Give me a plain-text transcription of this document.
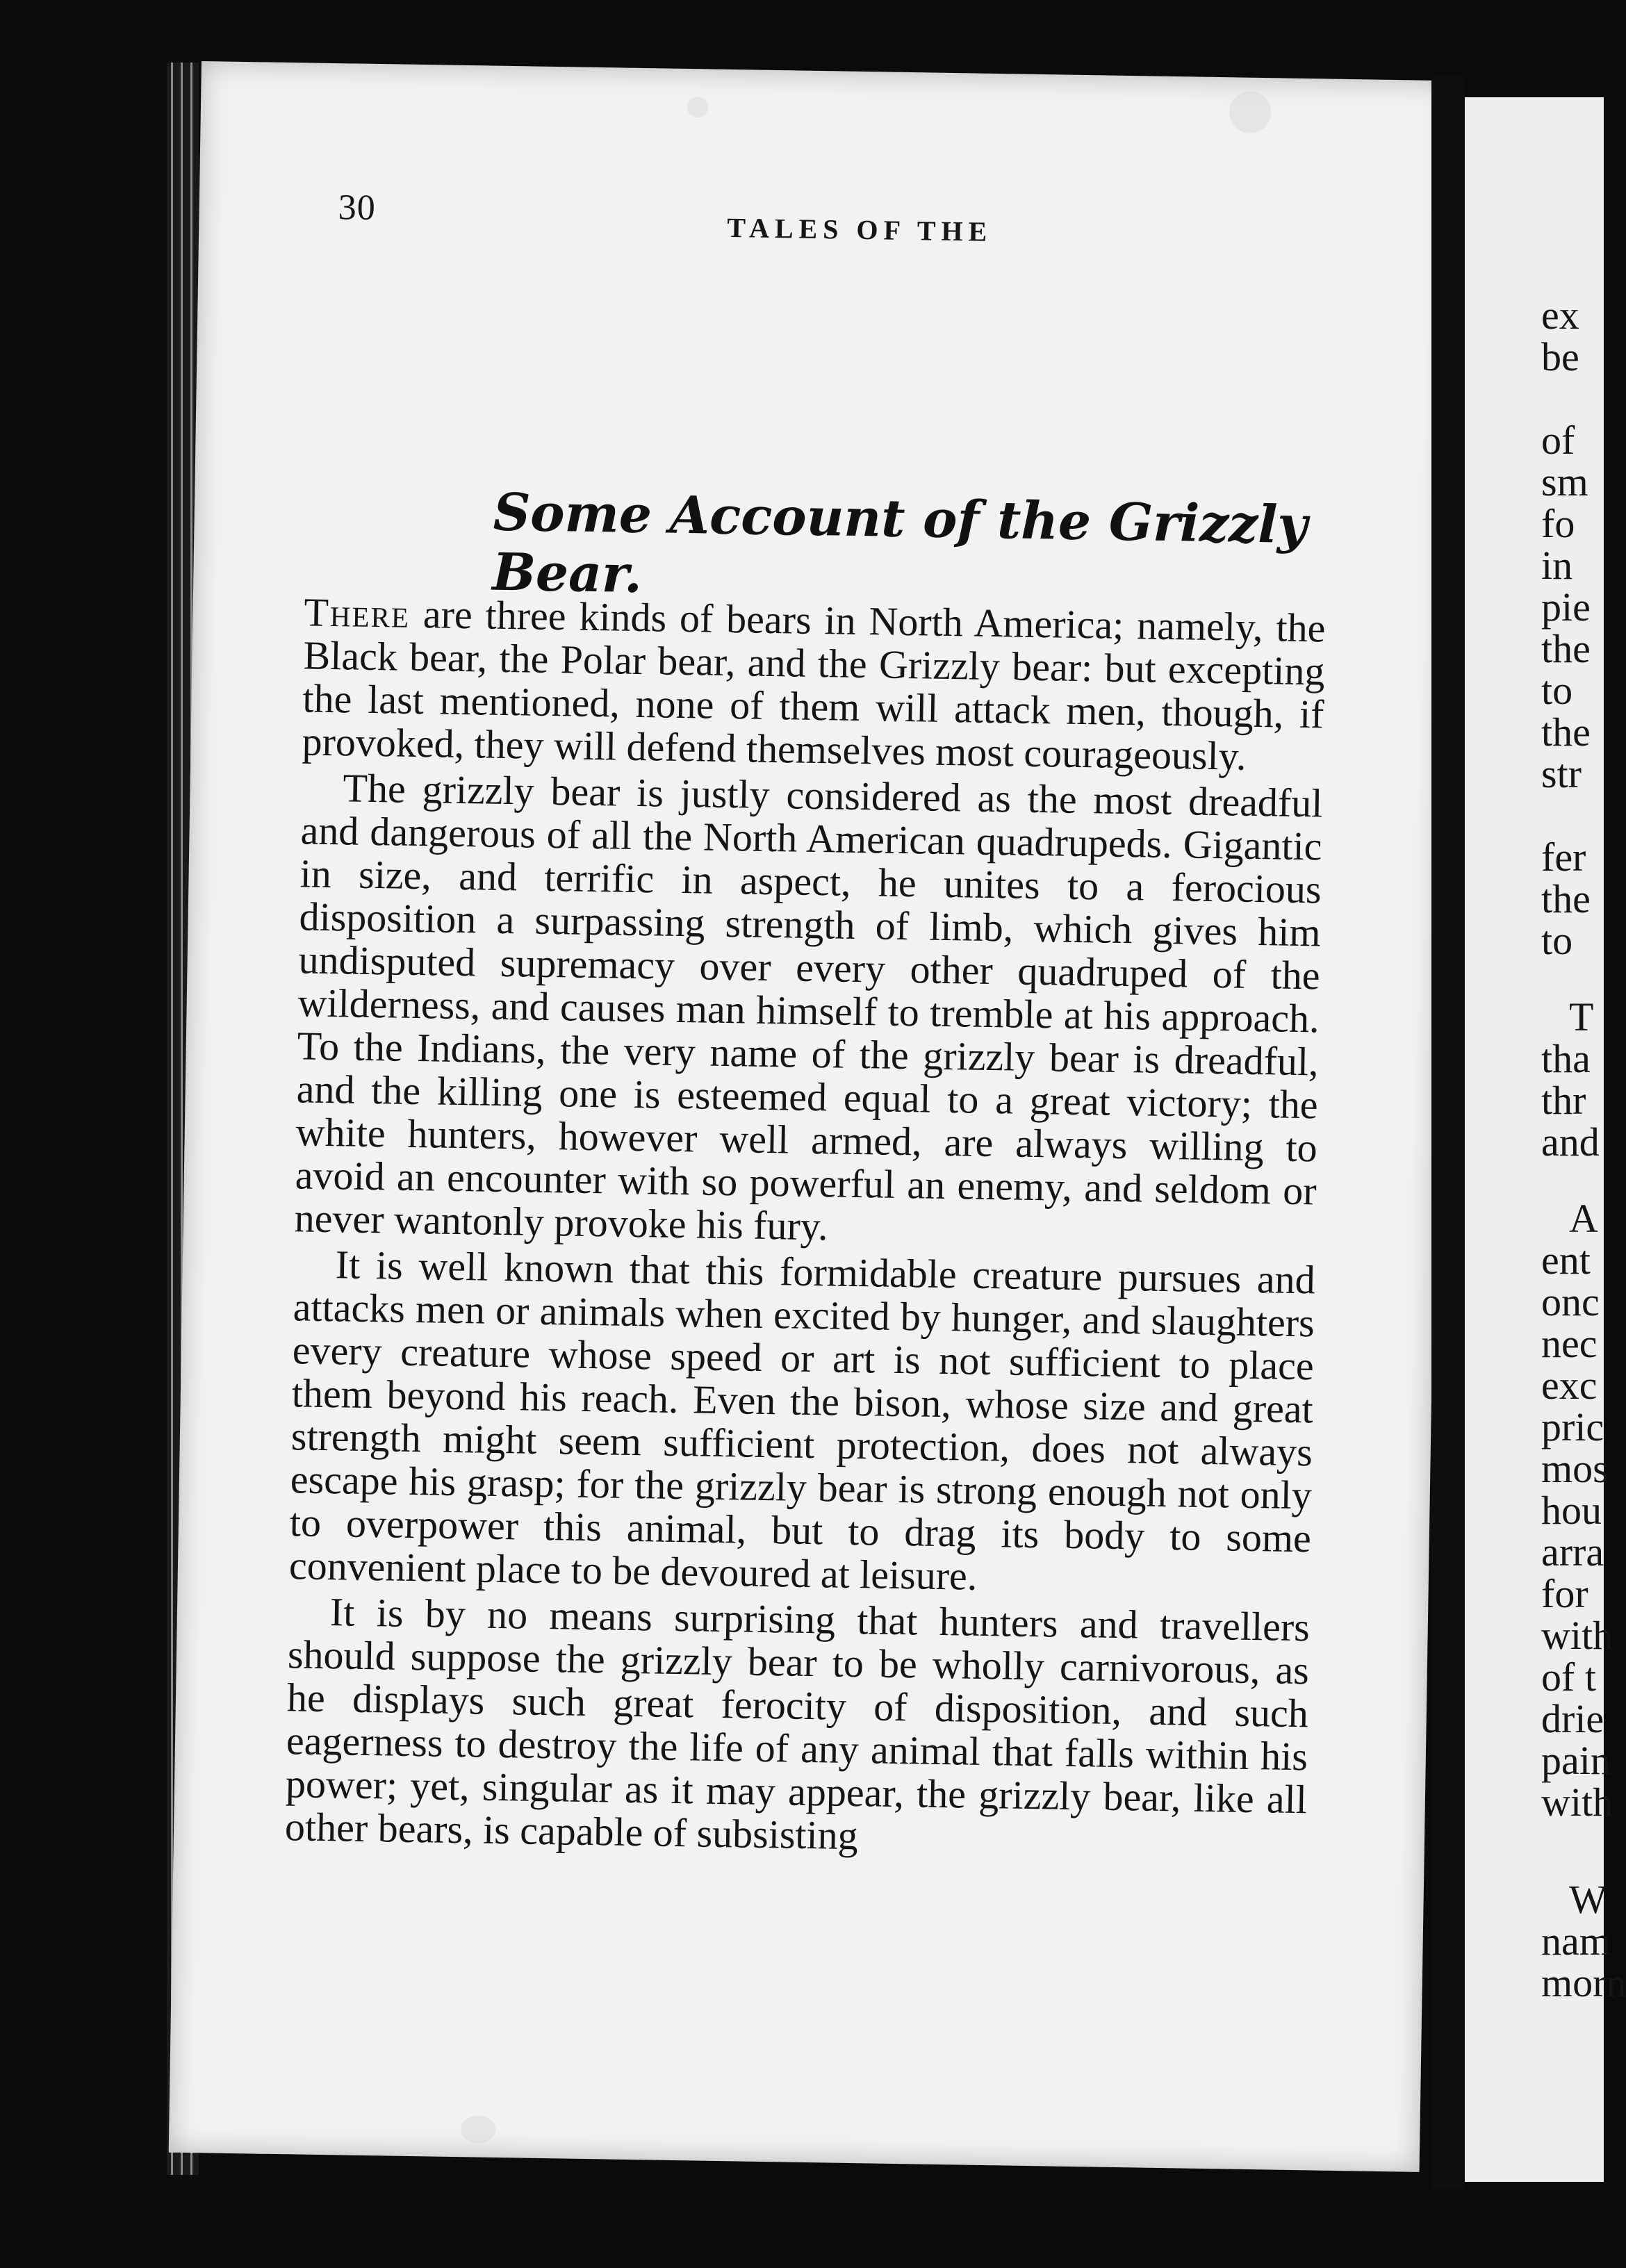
30
TALES OF THE
Some Account of the Grizzly Bear.

There are three kinds of bears in North America; namely, the Black bear, the Polar bear, and the Grizzly bear: but excepting the last mentioned, none of them will attack men, though, if provoked, they will defend themselves most courageously.

The grizzly bear is justly considered as the most dreadful and dangerous of all the North American quadrupeds. Gigantic in size, and terrific in aspect, he unites to a ferocious disposition a surpassing strength of limb, which gives him undisputed supremacy over every other quadruped of the wilderness, and causes man himself to tremble at his approach. To the Indians, the very name of the grizzly bear is dreadful, and the killing one is esteemed equal to a great victory; the white hunters, however well armed, are always willing to avoid an encounter with so powerful an enemy, and seldom or never wantonly provoke his fury.

It is well known that this formidable creature pursues and attacks men or animals when excited by hunger, and slaughters every creature whose speed or art is not sufficient to place them beyond his reach. Even the bison, whose size and great strength might seem sufficient protection, does not always escape his grasp; for the grizzly bear is strong enough not only to overpower this animal, but to drag its body to some convenient place to be devoured at leisure.

It is by no means surprising that hunters and travellers should suppose the grizzly bear to be wholly carnivorous, as he displays such great ferocity of disposition, and such eagerness to destroy the life of any animal that falls within his power; yet, singular as it may appear, the grizzly bear, like all other bears, is capable of subsisting

ex
be
of
sm
fo
in
pie
the
to
the
str
fer
the
to
T
tha
thr
and
A
ent
onc
nec
exc
pric
mos
hou
arra
for
with
of t
drie
pain
with
W
nam
morn
